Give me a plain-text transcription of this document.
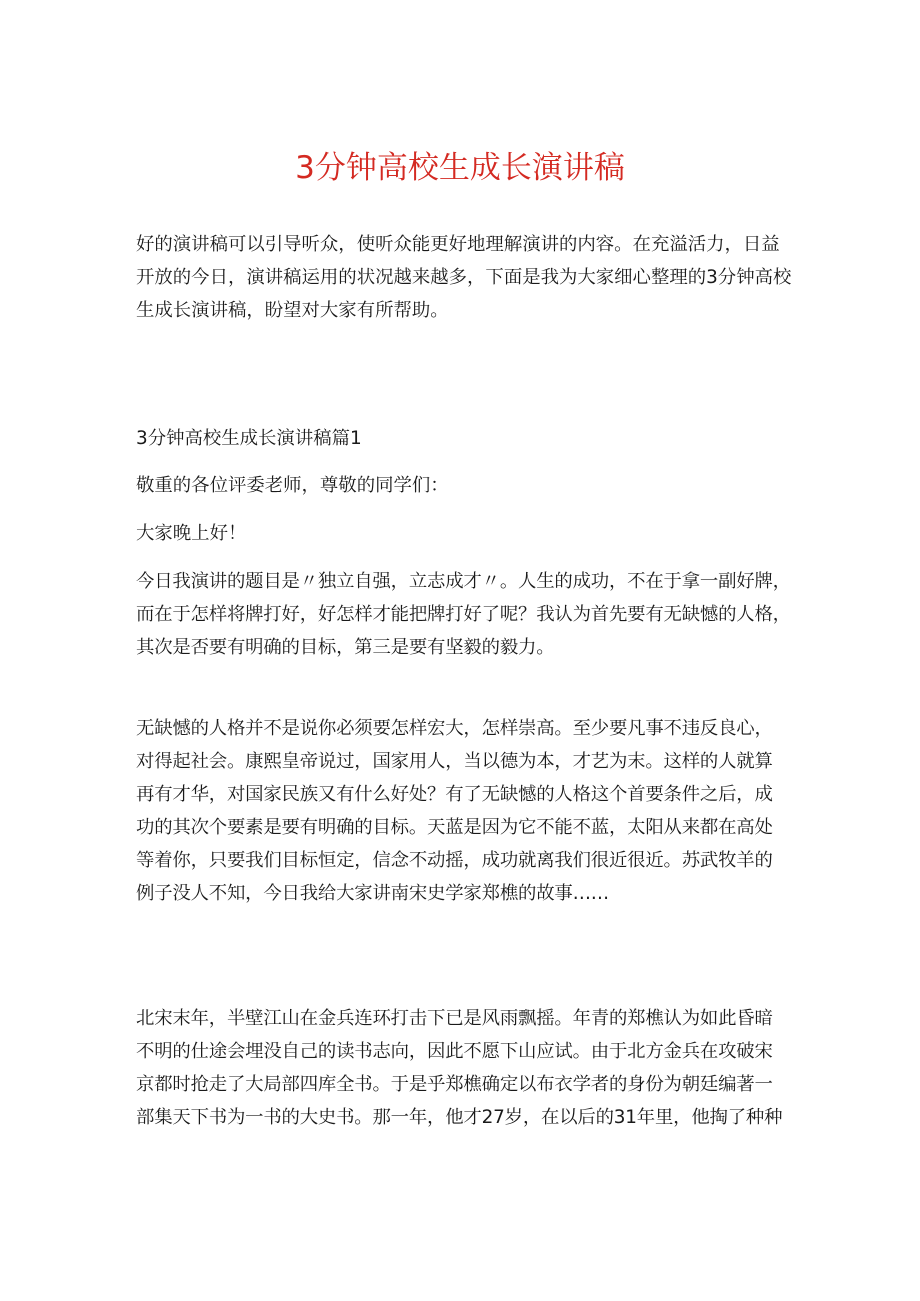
3分钟高校生成长演讲稿
好的演讲稿可以引导听众，使听众能更好地理解演讲的内容。在充溢活力，日益
开放的今日，演讲稿运用的状况越来越多，下面是我为大家细心整理的3分钟高校
生成长演讲稿，盼望对大家有所帮助。
3分钟高校生成长演讲稿篇1
敬重的各位评委老师，尊敬的同学们：
大家晚上好！
今日我演讲的题目是〃独立自强，立志成才〃。人生的成功，不在于拿一副好牌，
而在于怎样将牌打好，好怎样才能把牌打好了呢？我认为首先要有无缺憾的人格，
其次是否要有明确的目标，第三是要有坚毅的毅力。
无缺憾的人格并不是说你必须要怎样宏大，怎样崇高。至少要凡事不违反良心，
对得起社会。康熙皇帝说过，国家用人，当以德为本，才艺为末。这样的人就算
再有才华，对国家民族又有什么好处？有了无缺憾的人格这个首要条件之后，成
功的其次个要素是要有明确的目标。天蓝是因为它不能不蓝，太阳从来都在高处
等着你，只要我们目标恒定，信念不动摇，成功就离我们很近很近。苏武牧羊的
例子没人不知，今日我给大家讲南宋史学家郑樵的故事……
北宋末年，半壁江山在金兵连环打击下已是风雨飘摇。年青的郑樵认为如此昏暗
不明的仕途会埋没自己的读书志向，因此不愿下山应试。由于北方金兵在攻破宋
京都时抢走了大局部四库全书。于是乎郑樵确定以布衣学者的身份为朝廷编著一
部集天下书为一书的大史书。那一年，他才27岁，在以后的31年里，他掏了种种
